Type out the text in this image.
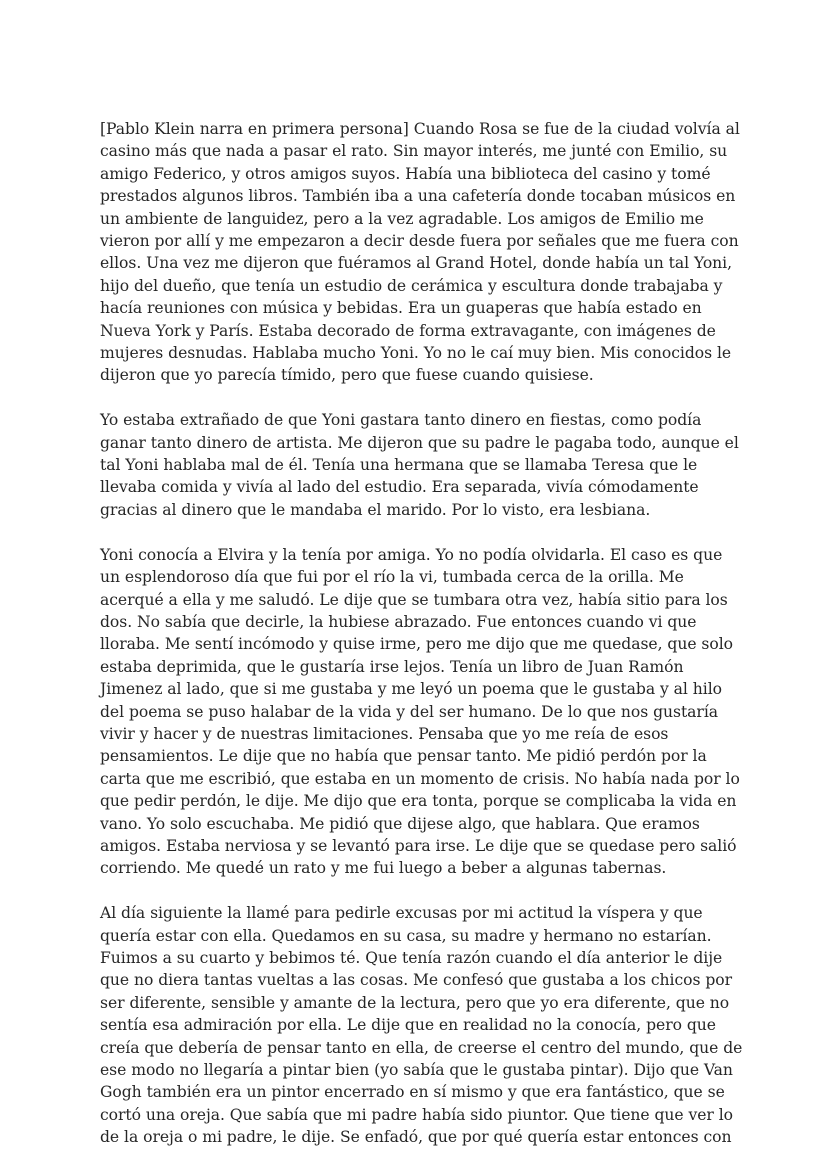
[Pablo Klein narra en primera persona] Cuando Rosa se fue de la ciudad volvía al
casino más que nada a pasar el rato. Sin mayor interés, me junté con Emilio, su
amigo Federico, y otros amigos suyos. Había una biblioteca del casino y tomé
prestados algunos libros. También iba a una cafetería donde tocaban músicos en
un ambiente de languidez, pero a la vez agradable. Los amigos de Emilio me
vieron por allí y me empezaron a decir desde fuera por señales que me fuera con
ellos. Una vez me dijeron que fuéramos al Grand Hotel, donde había un tal Yoni,
hijo del dueño, que tenía un estudio de cerámica y escultura donde trabajaba y
hacía reuniones con música y bebidas. Era un guaperas que había estado en
Nueva York y París. Estaba decorado de forma extravagante, con imágenes de
mujeres desnudas. Hablaba mucho Yoni. Yo no le caí muy bien. Mis conocidos le
dijeron que yo parecía tímido, pero que fuese cuando quisiese.
Yo estaba extrañado de que Yoni gastara tanto dinero en fiestas, como podía
ganar tanto dinero de artista. Me dijeron que su padre le pagaba todo, aunque el
tal Yoni hablaba mal de él. Tenía una hermana que se llamaba Teresa que le
llevaba comida y vivía al lado del estudio. Era separada, vivía cómodamente
gracias al dinero que le mandaba el marido. Por lo visto, era lesbiana.
Yoni conocía a Elvira y la tenía por amiga. Yo no podía olvidarla. El caso es que
un esplendoroso día que fui por el río la vi, tumbada cerca de la orilla. Me
acerqué a ella y me saludó. Le dije que se tumbara otra vez, había sitio para los
dos. No sabía que decirle, la hubiese abrazado. Fue entonces cuando vi que
lloraba. Me sentí incómodo y quise irme, pero me dijo que me quedase, que solo
estaba deprimida, que le gustaría irse lejos. Tenía un libro de Juan Ramón
Jimenez al lado, que si me gustaba y me leyó un poema que le gustaba y al hilo
del poema se puso halabar de la vida y del ser humano. De lo que nos gustaría
vivir y hacer y de nuestras limitaciones. Pensaba que yo me reía de esos
pensamientos. Le dije que no había que pensar tanto. Me pidió perdón por la
carta que me escribió, que estaba en un momento de crisis. No había nada por lo
que pedir perdón, le dije. Me dijo que era tonta, porque se complicaba la vida en
vano. Yo solo escuchaba. Me pidió que dijese algo, que hablara. Que eramos
amigos. Estaba nerviosa y se levantó para irse. Le dije que se quedase pero salió
corriendo. Me quedé un rato y me fui luego a beber a algunas tabernas.
Al día siguiente la llamé para pedirle excusas por mi actitud la víspera y que
quería estar con ella. Quedamos en su casa, su madre y hermano no estarían.
Fuimos a su cuarto y bebimos té. Que tenía razón cuando el día anterior le dije
que no diera tantas vueltas a las cosas. Me confesó que gustaba a los chicos por
ser diferente, sensible y amante de la lectura, pero que yo era diferente, que no
sentía esa admiración por ella. Le dije que en realidad no la conocía, pero que
creía que debería de pensar tanto en ella, de creerse el centro del mundo, que de
ese modo no llegaría a pintar bien (yo sabía que le gustaba pintar). Dijo que Van
Gogh también era un pintor encerrado en sí mismo y que era fantástico, que se
cortó una oreja. Que sabía que mi padre había sido piuntor. Que tiene que ver lo
de la oreja o mi padre, le dije. Se enfadó, que por qué quería estar entonces con
